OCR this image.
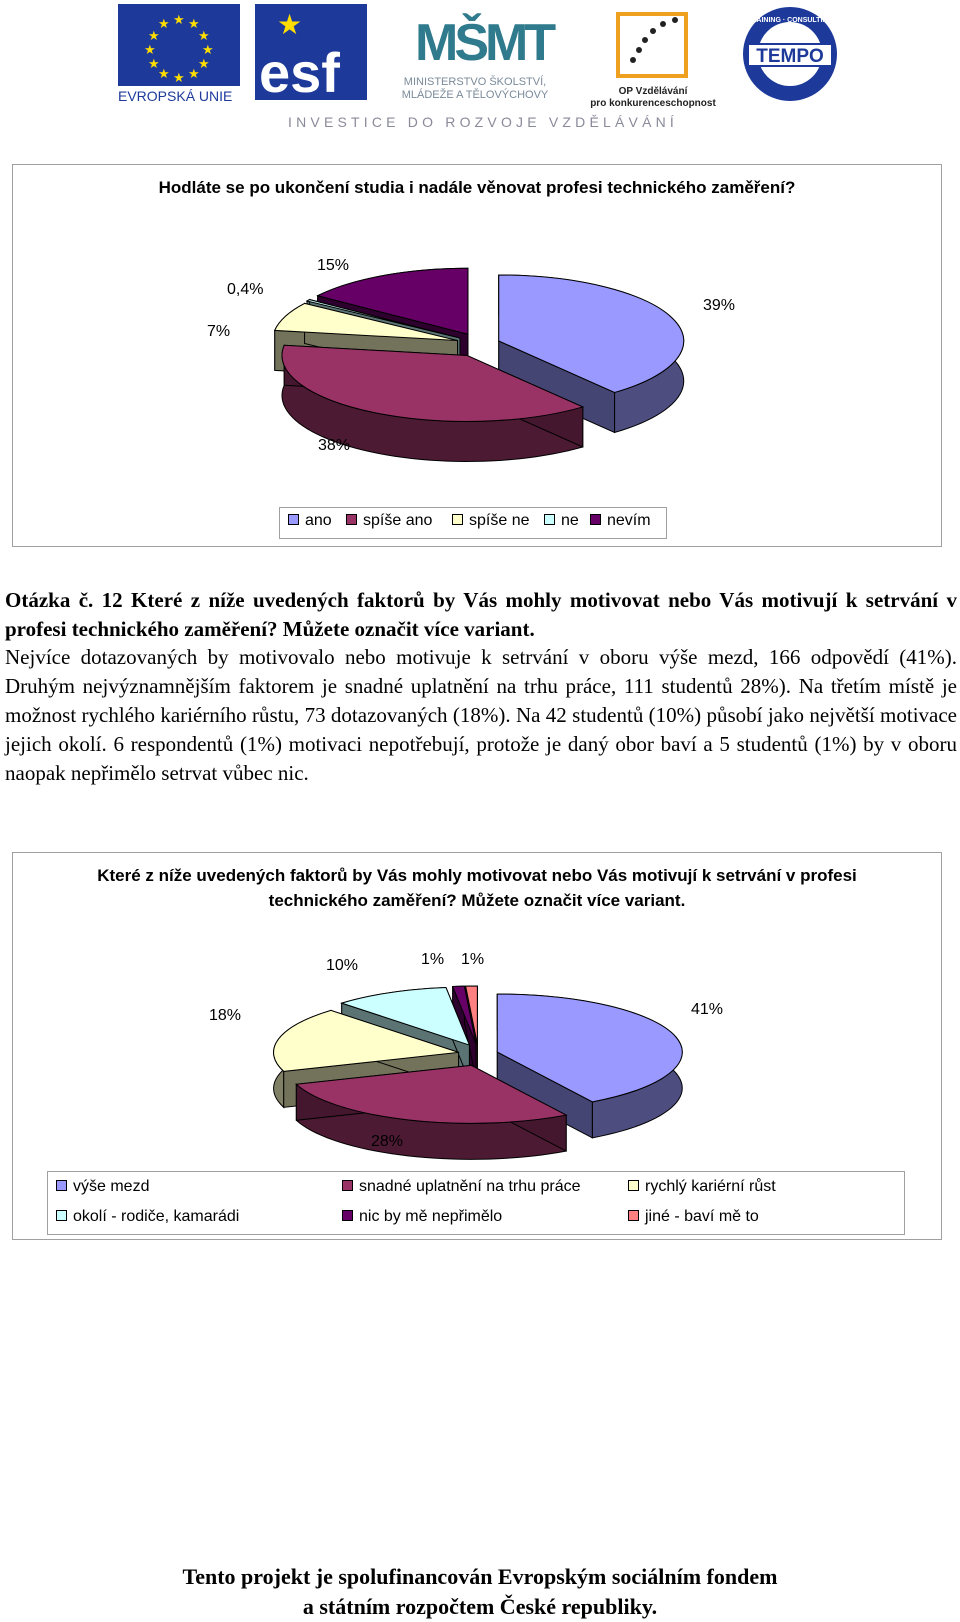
★ ★
★
★
★
★
★
★
★
★
★
★
EVROPSKÁ UNIE
★
esf MŠMT
MINISTERSTVO ŠKOLSTVÍ, MLÁDEŽE A TĚLOVÝCHOVY	OP Vzdělávání
pro konkurenceschopnost
TEMPO
TRAINING · CONSULTING
INVESTICE DO ROZVOJE VZDĚLÁVÁNÍ
Hodláte se po ukončení studia i nadále věnovat profesi technického zaměření?
15%
0,4%
7%
39%
38%
ano	spíše ano	spíše ne	ne	nevím
Otázka č. 12 Které z níže uvedených faktorů by Vás mohly motivovat nebo Vás motivují k setrvání v profesi technického zaměření? Můžete označit více variant.
Nejvíce dotazovaných by motivovalo nebo motivuje k setrvání v oboru výše mezd, 166 odpovědí (41%). Druhým nejvýznamnějším faktorem je snadné uplatnění na trhu práce, 111 studentů 28%). Na třetím místě je možnost rychlého kariérního růstu, 73 dotazovaných (18%). Na 42 studentů (10%) působí jako největší motivace jejich okolí. 6 respondentů (1%) motivaci nepotřebují, protože je daný obor baví a 5 studentů (1%) by v oboru naopak nepřimělo setrvat vůbec nic.
Které z níže uvedených faktorů by Vás mohly motivovat nebo Vás motivují k setrvání v profesi technického zaměření? Můžete označit více variant.
10%	1% 1%
18%	41%
28%
výše mezd	snadné uplatnění na trhu práce	rychlý kariérní růst
okolí - rodiče, kamarádi	nic by mě nepřimělo	jiné - baví mě to
Tento projekt je spolufinancován Evropským sociálním fondem
a státním rozpočtem České republiky.
